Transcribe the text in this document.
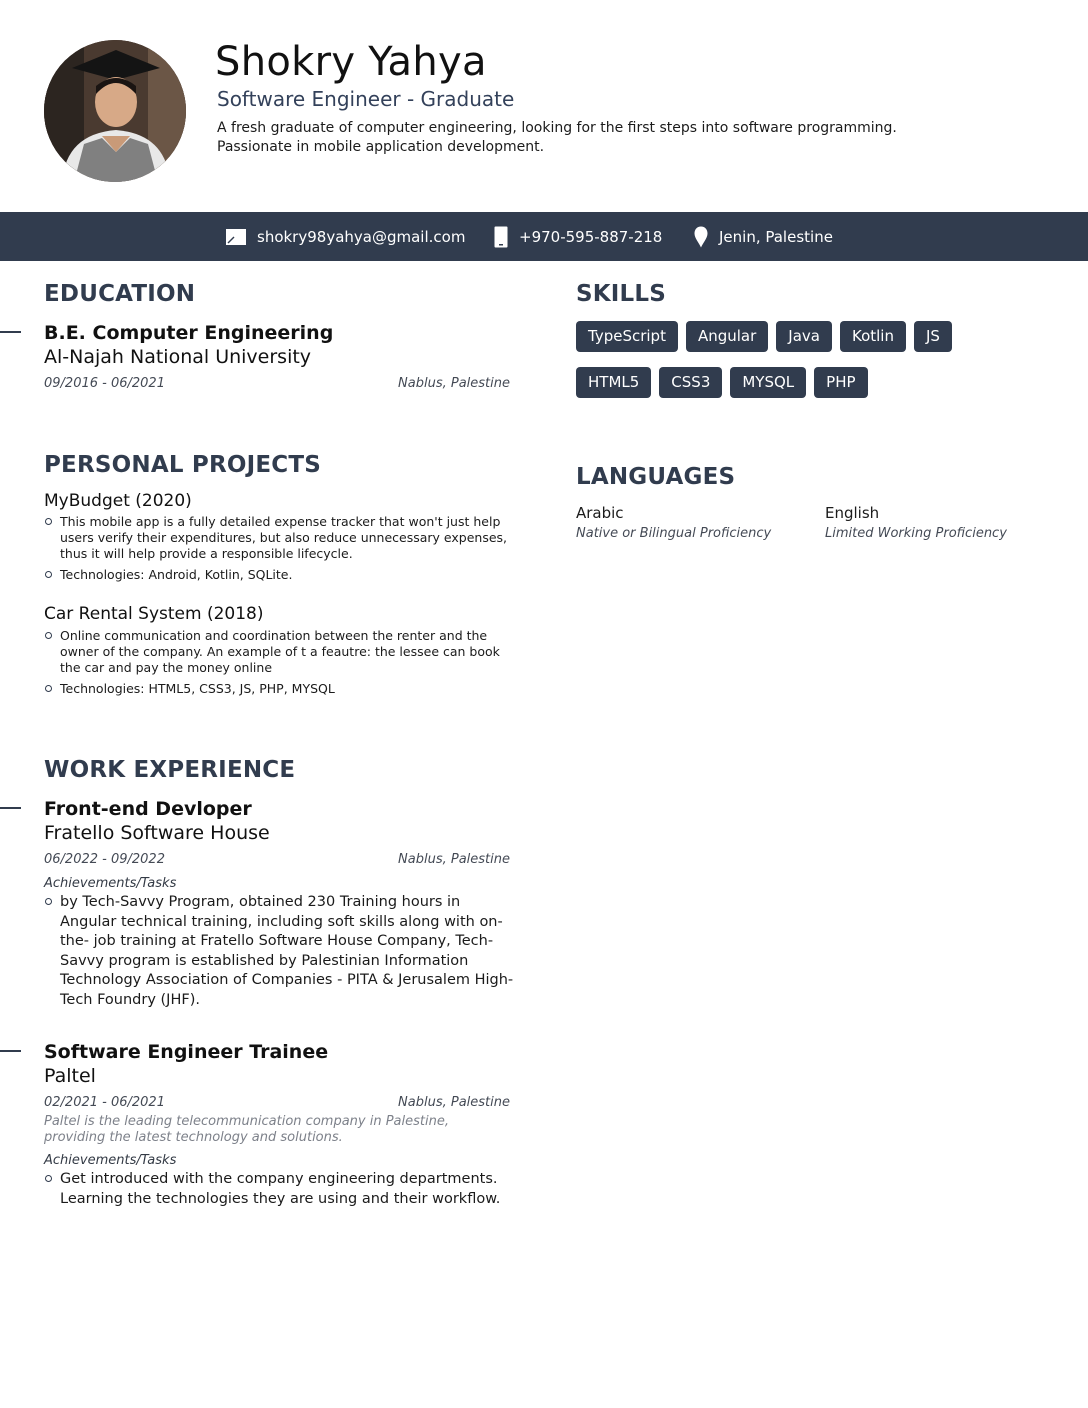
Shokry Yahya
Software Engineer - Graduate
A fresh graduate of computer engineering, looking for the first steps into software programming.
Passionate in mobile application development.
shokry98yahya@gmail.com	+970-595-887-218	Jenin, Palestine
EDUCATION
B.E. Computer Engineering
Al-Najah National University
09/2016 - 06/2021	Nablus, Palestine
PERSONAL PROJECTS
MyBudget (2020)
This mobile app is a fully detailed expense tracker that won't just help users verify their expenditures, but also reduce unnecessary expenses, thus it will help provide a responsible lifecycle.
Technologies: Android, Kotlin, SQLite.
Car Rental System (2018)
Online communication and coordination between the renter and the owner of the company. An example of t a feautre: the lessee can book the car and pay the money online
Technologies: HTML5, CSS3, JS, PHP, MYSQL
WORK EXPERIENCE
Front-end Devloper
Fratello Software House
06/2022 - 09/2022	Nablus, Palestine
Achievements/Tasks
by Tech-Savvy Program, obtained 230 Training hours in Angular technical training, including soft skills along with on-the- job training at Fratello Software House Company, Tech-Savvy program is established by Palestinian Information Technology Association of Companies - PITA & Jerusalem High-Tech Foundry (JHF).
Software Engineer Trainee
Paltel
02/2021 - 06/2021	Nablus, Palestine
Paltel is the leading telecommunication company in Palestine, providing the latest technology and solutions.
Achievements/Tasks
Get introduced with the company engineering departments. Learning the technologies they are using and their workflow.
SKILLS
TypeScript	Angular	Java	Kotlin	JS
HTML5	CSS3	MYSQL	PHP
LANGUAGES
Arabic
Native or Bilingual Proficiency
English
Limited Working Proficiency
